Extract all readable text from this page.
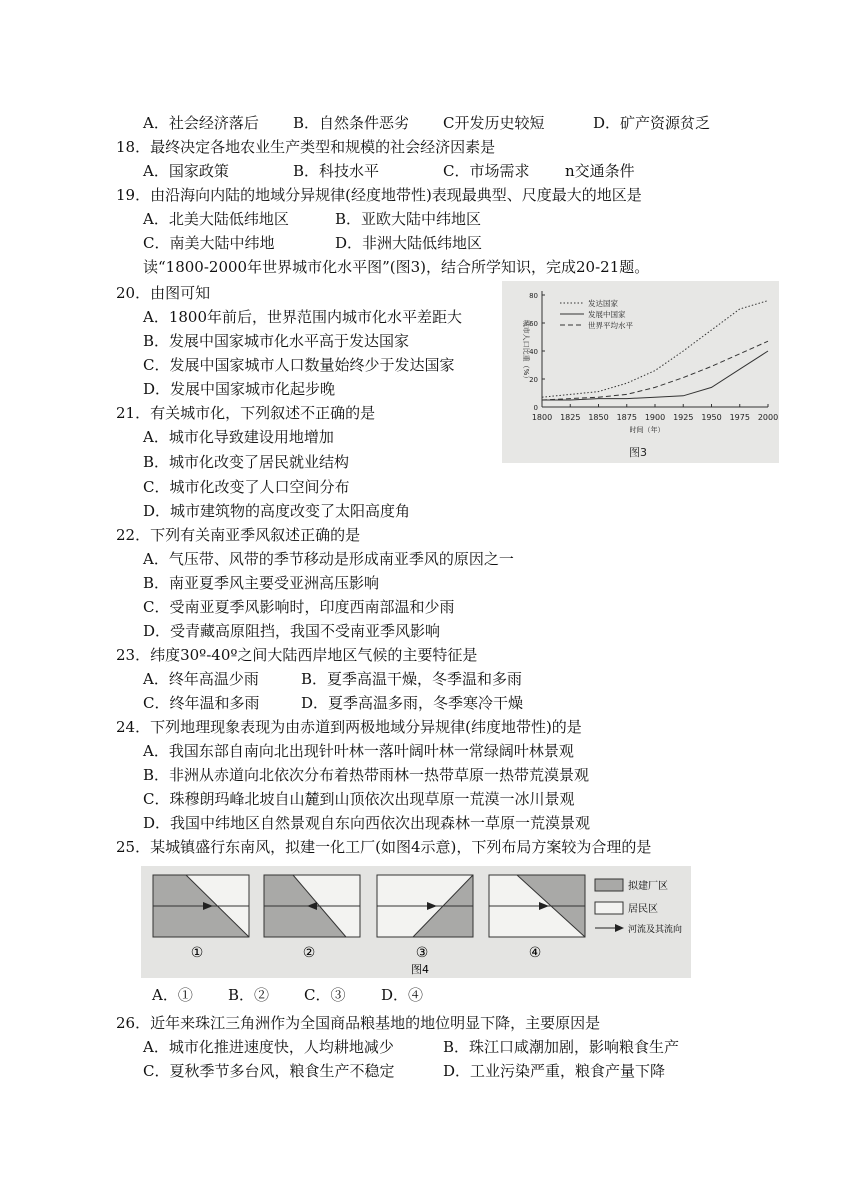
A．社会经济落后 B．自然条件恶劣 C开发历史较短	D．矿产资源贫乏
18．最终决定各地农业生产类型和规模的社会经济因素是
A．国家政策	B．科技水平	C．市场需求 n交通条件
19．由沿海向内陆的地域分异规律(经度地带性)表现最典型、尺度最大的地区是
A．北美大陆低纬地区	B．亚欧大陆中纬地区
C．南美大陆中纬地	D．非洲大陆低纬地区
读“1800-2000年世界城市化水平图”(图3)，结合所学知识，完成20-21题。
20．由图可知
A．1800年前后，世界范围内城市化水平差距大
B．发展中国家城市化水平高于发达国家
C．发展中国家城市人口数量始终少于发达国家
D．发展中国家城市化起步晚
21．有关城市化，下列叙述不正确的是
A．城市化导致建设用地增加
B．城市化改变了居民就业结构
C．城市化改变了人口空间分布
D．城市建筑物的高度改变了太阳高度角
22．下列有关南亚季风叙述正确的是
A．气压带、风带的季节移动是形成南亚季风的原因之一
B．南亚夏季风主要受亚洲高压影响
C．受南亚夏季风影响时，印度西南部温和少雨
D．受青藏高原阻挡，我国不受南亚季风影响
23．纬度30º-40º之间大陆西岸地区气候的主要特征是
A．终年高温少雨	B．夏季高温干燥，冬季温和多雨
C．终年温和多雨	D．夏季高温多雨，冬季寒冷干燥
24．下列地理现象表现为由赤道到两极地域分异规律(纬度地带性)的是
A．我国东部自南向北出现针叶林一落叶阔叶林一常绿阔叶林景观
B．非洲从赤道向北依次分布着热带雨林一热带草原一热带荒漠景观
C．珠穆朗玛峰北坡自山麓到山顶依次出现草原一荒漠一冰川景观
D．我国中纬地区自然景观自东向西依次出现森林一草原一荒漠景观
25．某城镇盛行东南风，拟建一化工厂(如图4示意)，下列布局方案较为合理的是
A．① B．② C．③ D．④
26．近年来珠江三角洲作为全国商品粮基地的地位明显下降，主要原因是
A．城市化推进速度快，人均耕地减少	B．珠江口咸潮加剧，影响粮食生产
C．夏秋季节多台风，粮食生产不稳定	D．工业污染严重，粮食产量下降
0
20
40
60
80
1800 1825 1850 1875 1900 1925 1950 1975 2000
时间（年）
城市人口比重（%）
发达国家
发展中国家
世界平均水平
图3
①	②	③	④
拟建厂区
居民区
河流及其流向
图4
